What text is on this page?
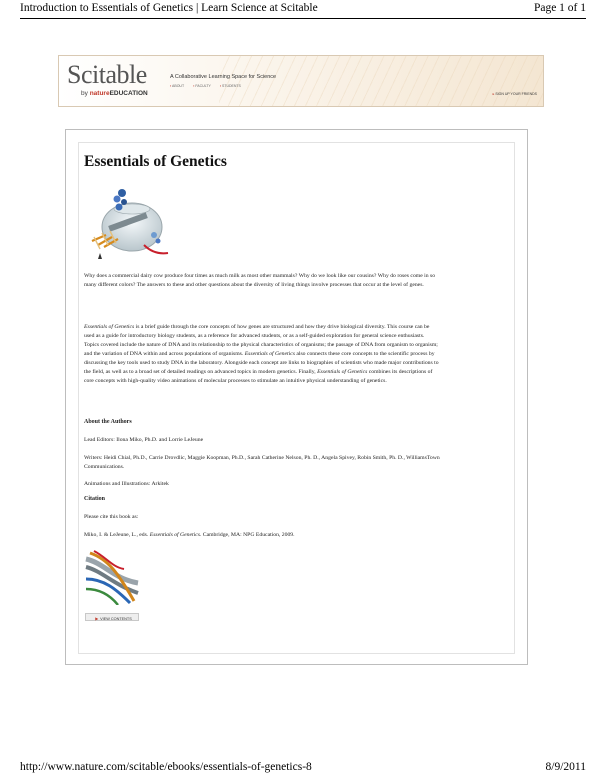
Introduction to Essentials of Genetics | Learn Science at Scitable	Page 1 of 1
Scitable
by natureEDUCATION
A Collaborative Learning Space for Science
▪ ABOUT	▪ FACULTY	▪ STUDENTS
▸ SIGN UP YOUR FRIENDS
Essentials of Genetics

Why does a commercial dairy cow produce four times as much milk as most other mammals? Why do we look like our cousins? Why do roses come in so many different colors? The answers to these and other questions about the diversity of living things involve processes that occur at the level of genes.

Essentials of Genetics is a brief guide through the core concepts of how genes are structured and how they drive biological diversity. This course can be used as a guide for introductory biology students, as a reference for advanced students, or as a self-guided exploration for general science enthusiasts. Topics covered include the nature of DNA and its relationship to the physical characteristics of organisms; the passage of DNA from organism to organism; and the variation of DNA within and across populations of organisms. Essentials of Genetics also connects these core concepts to the scientific process by discussing the key tools used to study DNA in the laboratory. Alongside each concept are links to biographies of scientists who made major contributions to the field, as well as to a broad set of detailed readings on advanced topics in modern genetics. Finally, Essentials of Genetics combines its descriptions of core concepts with high-quality video animations of molecular processes to stimulate an intuitive physical understanding of genetics.

About the Authors

Lead Editors: Ilona Miko, Ph.D. and Lorrie LeJeune

Writers: Heidi Chial, Ph.D., Carrie Drovdlic, Maggie Koopman, Ph.D., Sarah Catherine Nelson, Ph. D., Angela Spivey, Robin Smith, Ph. D., WilliamsTown Communications.

Animations and Illustrations: Arkitek

Citation

Please cite this book as:

Miko, I. & LeJeune, L., eds. Essentials of Genetics. Cambridge, MA: NPG Education, 2009.

▶ VIEW CONTENTS
http://www.nature.com/scitable/ebooks/essentials-of-genetics-8	8/9/2011
